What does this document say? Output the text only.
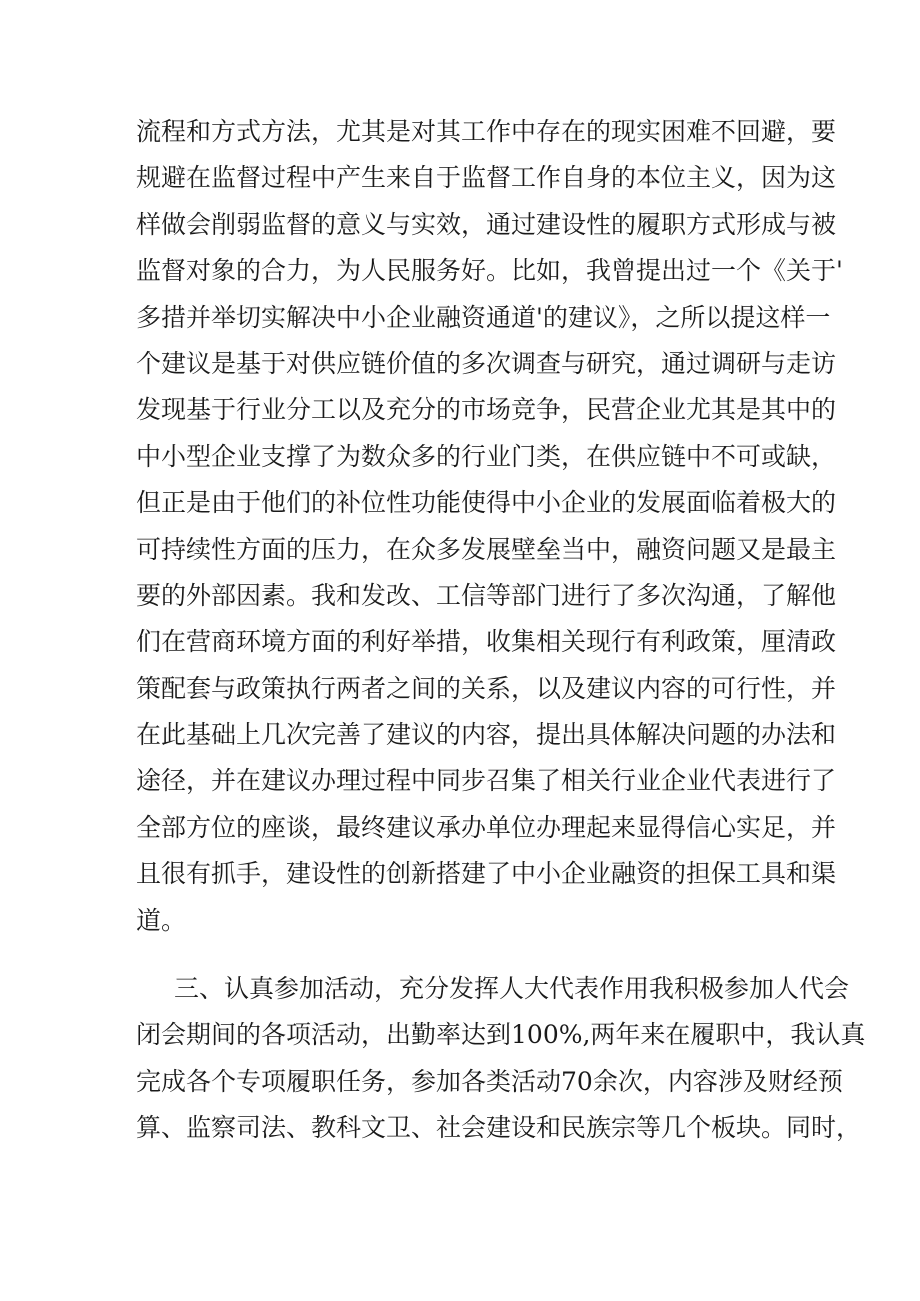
流程和方式方法，尤其是对其工作中存在的现实困难不回避，要
规避在监督过程中产生来自于监督工作自身的本位主义，因为这
样做会削弱监督的意义与实效，通过建设性的履职方式形成与被
监督对象的合力，为人民服务好。比如，我曾提出过一个《关于'
多措并举切实解决中小企业融资通道'的建议》，之所以提这样一
个建议是基于对供应链价值的多次调查与研究，通过调研与走访
发现基于行业分工以及充分的市场竞争，民营企业尤其是其中的
中小型企业支撑了为数众多的行业门类，在供应链中不可或缺，
但正是由于他们的补位性功能使得中小企业的发展面临着极大的
可持续性方面的压力，在众多发展壁垒当中，融资问题又是最主
要的外部因素。我和发改、工信等部门进行了多次沟通，了解他
们在营商环境方面的利好举措，收集相关现行有利政策，厘清政
策配套与政策执行两者之间的关系，以及建议内容的可行性，并
在此基础上几次完善了建议的内容，提出具体解决问题的办法和
途径，并在建议办理过程中同步召集了相关行业企业代表进行了
全部方位的座谈，最终建议承办单位办理起来显得信心实足，并
且很有抓手，建设性的创新搭建了中小企业融资的担保工具和渠
道。
三、认真参加活动，充分发挥人大代表作用我积极参加人代会
闭会期间的各项活动，出勤率达到100%,两年来在履职中，我认真
完成各个专项履职任务，参加各类活动70余次，内容涉及财经预
算、监察司法、教科文卫、社会建设和民族宗等几个板块。同时，
